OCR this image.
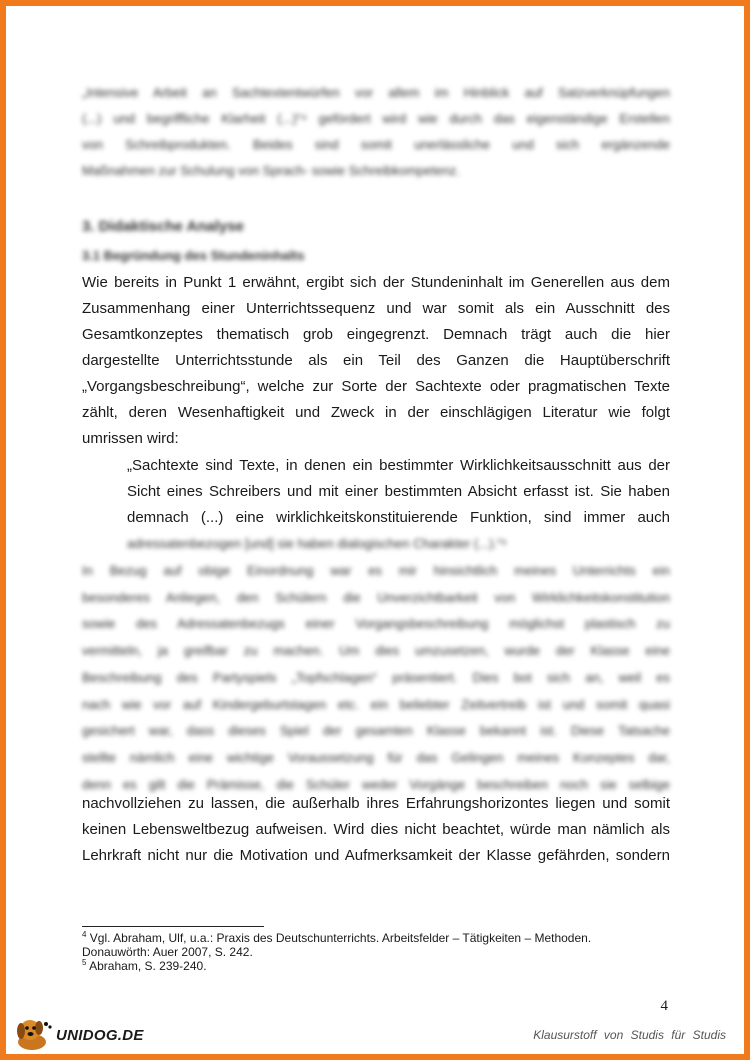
„Intensive Arbeit an Sachtextentwürfen vor allem im Hinblick auf Satzverknüpfungen
(...) und begriffliche Klarheit (...)“⁴ gefördert wird wie durch das eigenständige Erstellen
von Schreibprodukten. Beides sind somit unerlässliche und sich ergänzende
Maßnahmen zur Schulung von Sprach- sowie Schreibkompetenz.
3. Didaktische Analyse
3.1 Begründung des Stundeninhalts
Wie bereits in Punkt 1 erwähnt, ergibt sich der Stundeninhalt im Generellen aus dem
Zusammenhang einer Unterrichtssequenz und war somit als ein Ausschnitt des
Gesamtkonzeptes thematisch grob eingegrenzt. Demnach trägt auch die hier
dargestellte Unterrichtsstunde als ein Teil des Ganzen die Hauptüberschrift
„Vorgangsbeschreibung“, welche zur Sorte der Sachtexte oder pragmatischen Texte
zählt, deren Wesenhaftigkeit und Zweck in der einschlägigen Literatur wie folgt
umrissen wird:
„Sachtexte sind Texte, in denen ein bestimmter Wirklichkeitsausschnitt aus der
Sicht eines Schreibers und mit einer bestimmten Absicht erfasst ist. Sie haben
demnach (...) eine wirklichkeitskonstituierende Funktion, sind immer auch
adressatenbezogen [und] sie haben dialogischen Charakter (...).“⁵
In Bezug auf obige Einordnung war es mir hinsichtlich meines Unterrichts ein
besonderes Anliegen, den Schülern die Unverzichtbarkeit von Wirklichkeitskonstitution
sowie des Adressatenbezugs einer Vorgangsbeschreibung möglichst plastisch zu
vermitteln, ja greifbar zu machen. Um dies umzusetzen, wurde der Klasse eine
Beschreibung des Partyspiels „Topfschlagen“ präsentiert. Dies bot sich an, weil es
nach wie vor auf Kindergeburtstagen etc. ein beliebter Zeitvertreib ist und somit quasi
gesichert war, dass dieses Spiel der gesamten Klasse bekannt ist. Diese Tatsache
stellte nämlich eine wichtige Voraussetzung für das Gelingen meines Konzeptes dar,
denn es gilt die Prämisse, die Schüler weder Vorgänge beschreiben noch sie selbige
nachvollziehen zu lassen, die außerhalb ihres Erfahrungshorizontes liegen und somit
keinen Lebensweltbezug aufweisen. Wird dies nicht beachtet, würde man nämlich als
Lehrkraft nicht nur die Motivation und Aufmerksamkeit der Klasse gefährden, sondern
$^4$ Vgl. Abraham, Ulf, u.a.: Praxis des Deutschunterrichts. Arbeitsfelder – Tätigkeiten – Methoden.
Donauwörth: Auer 2007, S. 242.
$^5$ Abraham, S. 239-240.
4
UNIDOG.DE	Klausurstoff von Studis für Studis
